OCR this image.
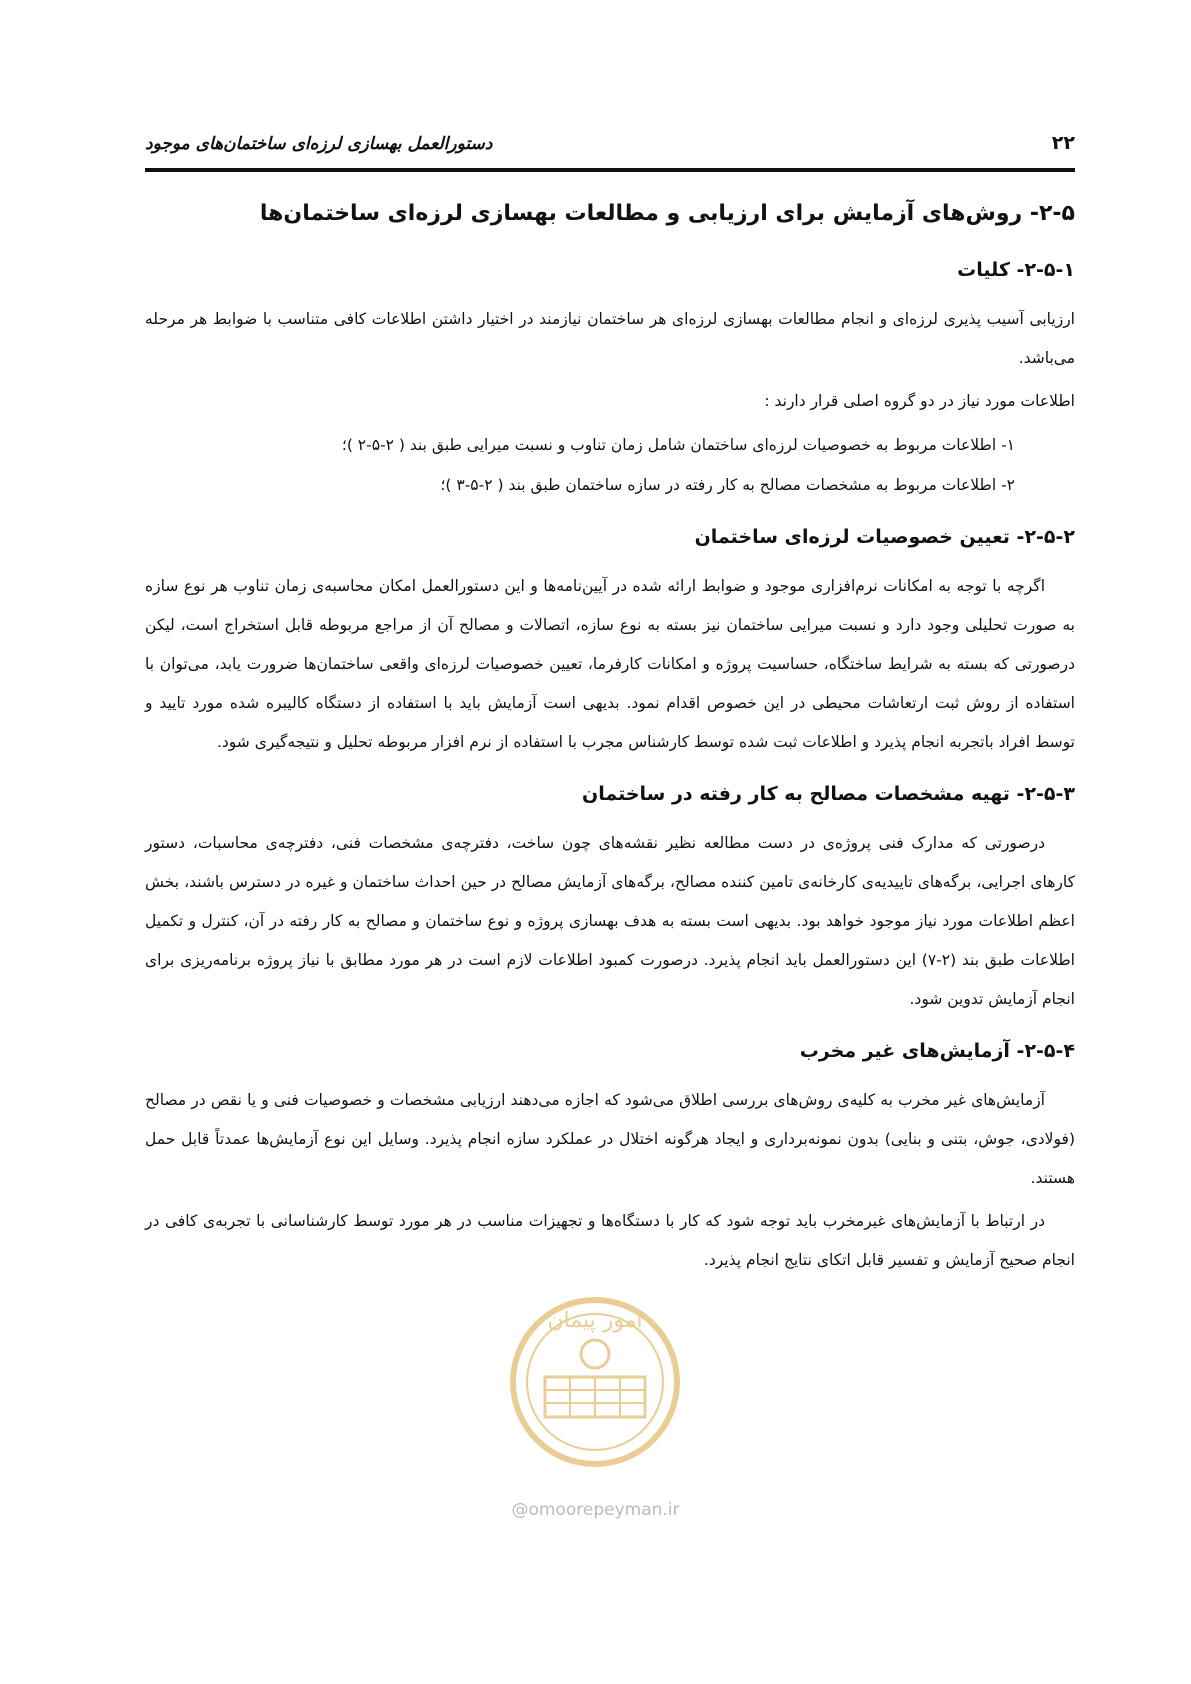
دستورالعمل بهسازی لرزه‌ای ساختمان‌های موجود	۲۲
۲-۵- روش‌های آزمایش برای ارزیابی و مطالعات بهسازی لرزه‌ای ساختمان‌ها
۲-۵-۱- کلیات

ارزیابی آسیب پذیری لرزه‌ای و انجام مطالعات بهسازی لرزه‌ای هر ساختمان نیازمند در اختیار داشتن اطلاعات کافی متناسب با ضوابط هر مرحله می‌باشد.

اطلاعات مورد نیاز در دو گروه اصلی قرار دارند :

۱- اطلاعات مربوط به خصوصیات لرزه‌ای ساختمان شامل زمان تناوب و نسبت میرایی طبق بند ( ۲-۵-۲ )؛
۲- اطلاعات مربوط به مشخصات مصالح به کار رفته در سازه ساختمان طبق بند ( ۲-۵-۳ )؛
۲-۵-۲- تعیین خصوصیات لرزه‌ای ساختمان

اگرچه با توجه به امکانات نرم‌افزاری موجود و ضوابط ارائه شده در آیین‌نامه‌ها و این دستورالعمل امکان محاسبه‌ی زمان تناوب هر نوع سازه به صورت تحلیلی وجود دارد و نسبت میرایی ساختمان نیز بسته به نوع سازه، اتصالات و مصالح آن از مراجع مربوطه قابل استخراج است، لیکن درصورتی که بسته به شرایط ساختگاه، حساسیت پروژه و امکانات کارفرما، تعیین خصوصیات لرزه‌ای واقعی ساختمان‌ها ضرورت یابد، می‌توان با استفاده از روش ثبت ارتعاشات محیطی در این خصوص اقدام نمود. بدیهی است آزمایش باید با استفاده از دستگاه کالیبره شده مورد تایید و توسط افراد باتجربه انجام پذیرد و اطلاعات ثبت شده توسط کارشناس مجرب با استفاده از نرم افزار مربوطه تحلیل و نتیجه‌گیری شود.

۲-۵-۳- تهیه مشخصات مصالح به کار رفته در ساختمان

درصورتی که مدارک فنی پروژه‌ی در دست مطالعه نظیر نقشه‌های چون ساخت، دفترچه‌ی مشخصات فنی، دفترچه‌ی محاسبات، دستور کارهای اجرایی، برگه‌های تاییدیه‌ی کارخانه‌ی تامین کننده مصالح، برگه‌های آزمایش مصالح در حین احداث ساختمان و غیره در دسترس باشند، بخش اعظم اطلاعات مورد نیاز موجود خواهد بود. بدیهی است بسته به هدف بهسازی پروژه و نوع ساختمان و مصالح به کار رفته در آن، کنترل و تکمیل اطلاعات طبق بند (۲-۷) این دستورالعمل باید انجام پذیرد. درصورت کمبود اطلاعات لازم است در هر مورد مطابق با نیاز پروژه برنامه‌ریزی برای انجام آزمایش تدوین شود.

۲-۵-۴- آزمایش‌های غیر مخرب

آزمایش‌های غیر مخرب به کلیه‌ی روش‌های بررسی اطلاق می‌شود که اجازه می‌دهند ارزیابی مشخصات و خصوصیات فنی و یا نقص در مصالح (فولادی، جوش، بتنی و بنایی) بدون نمونه‌برداری و ایجاد هرگونه اختلال در عملکرد سازه انجام پذیرد. وسایل این نوع آزمایش‌ها عمدتاً قابل حمل هستند.

در ارتباط با آزمایش‌های غیرمخرب باید توجه شود که کار با دستگاه‌ها و تجهیزات مناسب در هر مورد توسط کارشناسانی با تجربه‌ی کافی در انجام صحیح آزمایش و تفسیر قابل اتکای نتایج انجام پذیرد.

امور پیمان
@omoorepeyman.ir
